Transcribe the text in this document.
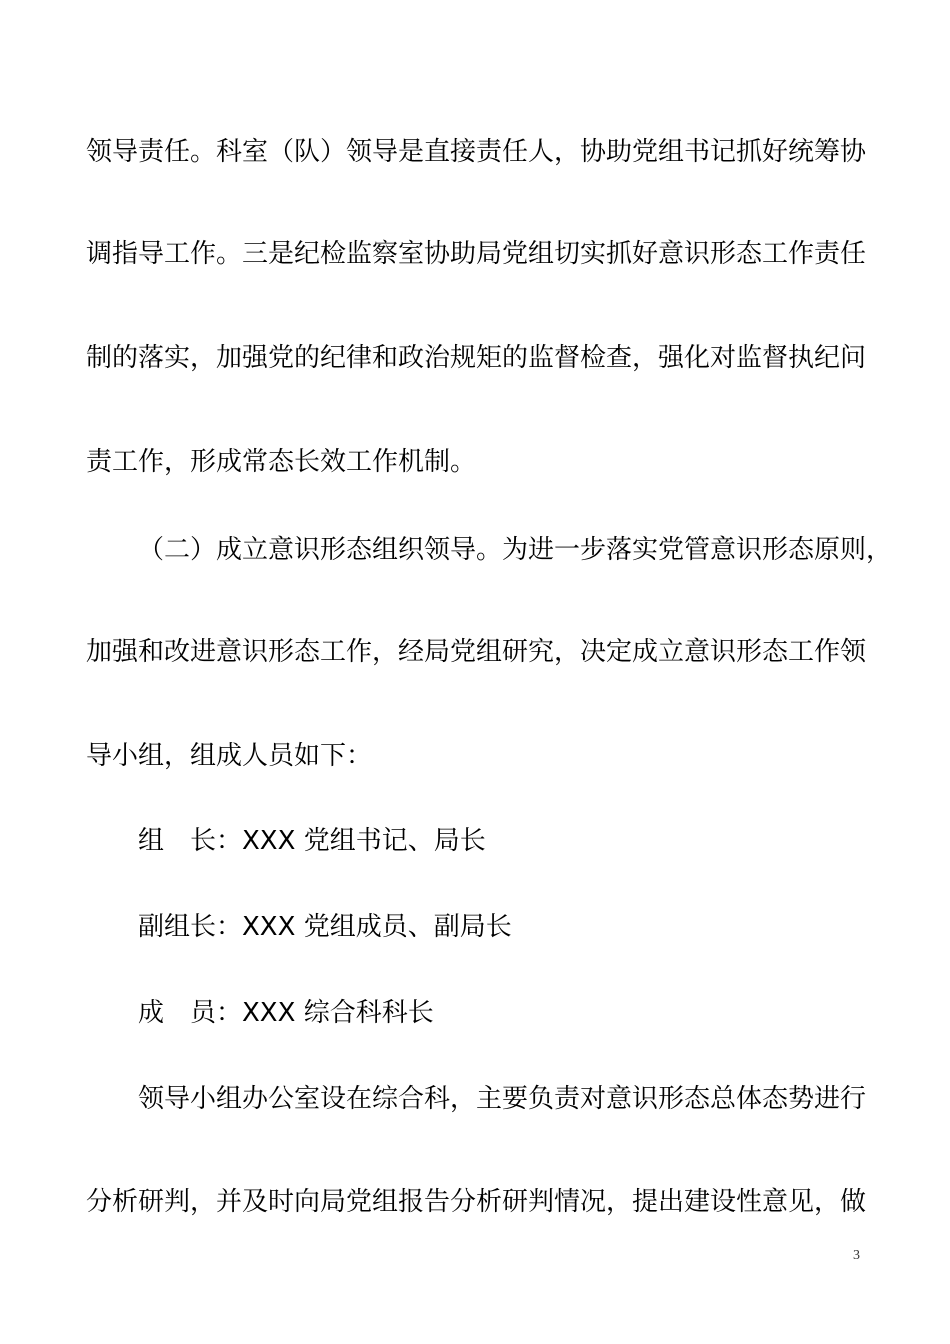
领导责任。科室（队）领导是直接责任人，协助党组书记抓好统筹协
调指导工作。三是纪检监察室协助局党组切实抓好意识形态工作责任
制的落实，加强党的纪律和政治规矩的监督检查，强化对监督执纪问
责工作，形成常态长效工作机制。
（二）成立意识形态组织领导。为进一步落实党管意识形态原则，
加强和改进意识形态工作，经局党组研究，决定成立意识形态工作领
导小组，组成人员如下：
组　长：XXX 党组书记、局长
副组长：XXX 党组成员、副局长
成　员：XXX 综合科科长
领导小组办公室设在综合科，主要负责对意识形态总体态势进行
分析研判，并及时向局党组报告分析研判情况，提出建设性意见，做
3
